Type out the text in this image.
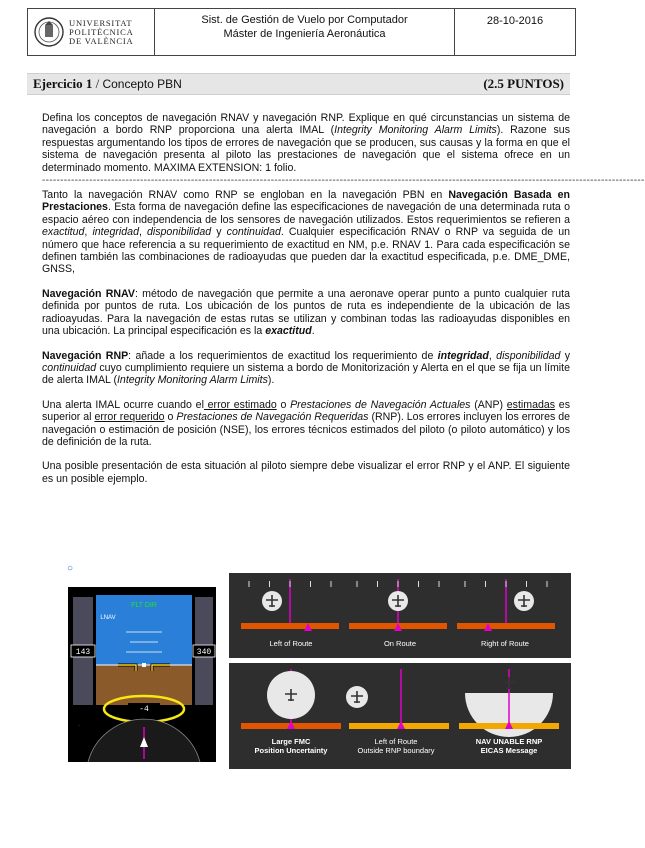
UNIVERSITAT
POLITÈCNICA
DE VALÈNCIA
Sist. de Gestión de Vuelo por Computador
Máster de Ingeniería Aeronáutica
28-10-2016
Ejercicio 1 / Concepto PBN	(2.5 PUNTOS)

Defina los conceptos de navegación RNAV y navegación RNP. Explique en qué circunstancias un sistema de navegación a bordo RNP proporciona una alerta IMAL (Integrity Monitoring Alarm Limits). Razone sus respuestas argumentando los tipos de errores de navegación que se producen, sus causas y la forma en que el sistema de navegación presenta al piloto las prestaciones de navegación que el sistema ofrece en un determinado momento. MAXIMA EXTENSION: 1 folio.

----------------------------------------------------------------------------------------------------------------------------------------------------------------------

Tanto la navegación RNAV como RNP se engloban en la navegación PBN en Navegación Basada en Prestaciones. Esta forma de navegación define las especificaciones de navegación de una determinada ruta o espacio aéreo con independencia de los sensores de navegación utilizados. Estos requerimientos se refieren a exactitud, integridad, disponibilidad y continuidad. Cualquier especificación RNAV o RNP va seguida de un número que hace referencia a su requerimiento de exactitud en NM, p.e. RNAV 1. Para cada especificación se definen también las combinaciones de radioayudas que pueden dar la exactitud especificada, p.e. DME_DME, GNSS,

Navegación RNAV: método de navegación que permite a una aeronave operar punto a punto cualquier ruta definida por puntos de ruta. Los ubicación de los puntos de ruta es independiente de la ubicación de las radioayudas. Para la navegación de estas rutas se utilizan y combinan todas las radioayudas disponibles en una ubicación. La principal especificación es la exactitud.

Navegación RNP: añade a los requerimientos de exactitud los requerimiento de integridad, disponibilidad y continuidad cuyo cumplimiento requiere un sistema a bordo de Monitorización y Alerta en el que se fija un límite de alerta IMAL (Integrity Monitoring Alarm Limits).

Una alerta IMAL ocurre cuando el error estimado o Prestaciones de Navegación Actuales (ANP) estimadas es superior al error requerido o Prestaciones de Navegación Requeridas (RNP). Los errores incluyen los errores de navegación o estimación de posición (NSE), los errores técnicos estimados del piloto (o piloto automático) y los de definición de la ruta.

Una posible presentación de esta situación al piloto siempre debe visualizar el error RNP y el ANP. El siguiente es un posible ejemplo.

○
143	340
FLT DIR
LNAV
-4
·
Left of Route	On Route	Right of Route
Large FMC
Position Uncertainty
Left of Route
Outside RNP boundary
NAV UNABLE RNP
EICAS Message
